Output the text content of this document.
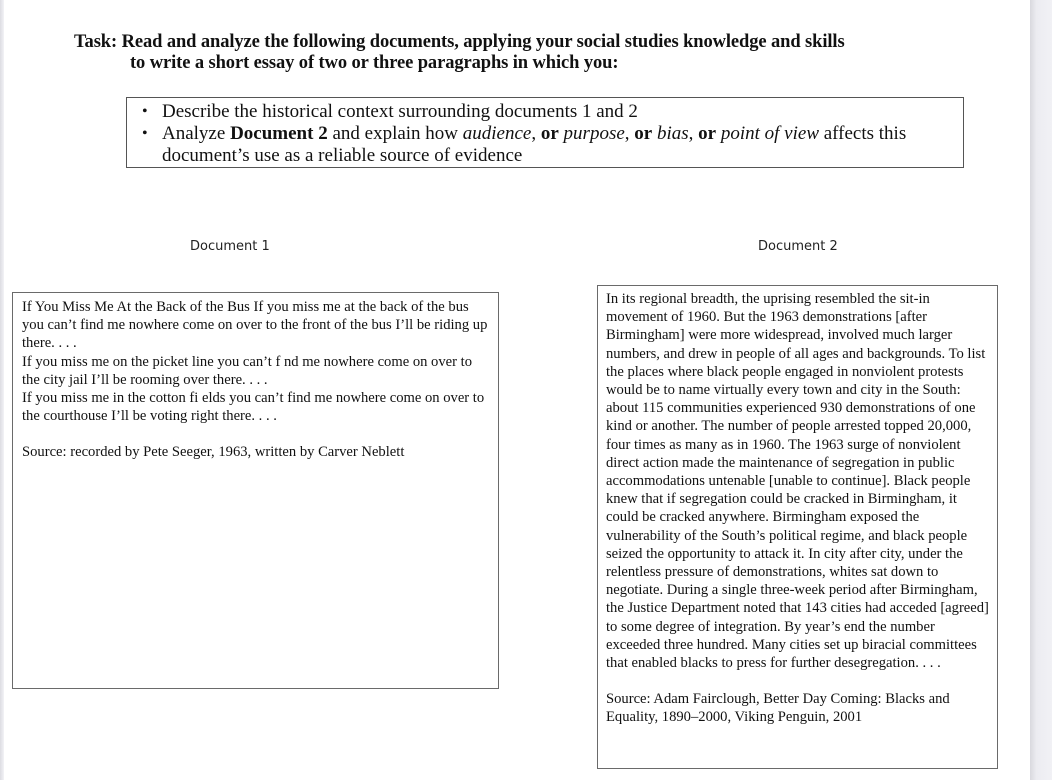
Task: Read and analyze the following documents, applying your social studies knowledge and skills
to write a short essay of two or three paragraphs in which you:
• Describe the historical context surrounding documents 1 and 2
• Analyze Document 2 and explain how audience, or purpose, or bias, or point of view affects this document’s use as a reliable source of evidence
Document 1	Document 2

If You Miss Me At the Back of the Bus If you miss me at the back of the bus you can’t find me nowhere come on over to the front of the bus I’ll be riding up there. . . .

If you miss me on the picket line you can’t f nd me nowhere come on over to the city jail I’ll be rooming over there. . . .

If you miss me in the cotton fi elds you can’t find me nowhere come on over to the courthouse I’ll be voting right there. . . .

Source: recorded by Pete Seeger, 1963, written by Carver Neblett

In its regional breadth, the uprising resembled the sit-in movement of 1960. But the 1963 demonstrations [after Birmingham] were more widespread, involved much larger numbers, and drew in people of all ages and backgrounds. To list the places where black people engaged in nonviolent protests would be to name virtually every town and city in the South: about 115 communities experienced 930 demonstrations of one kind or another. The number of people arrested topped 20,000, four times as many as in 1960. The 1963 surge of nonviolent direct action made the maintenance of segregation in public accommodations untenable [unable to continue]. Black people knew that if segregation could be cracked in Birmingham, it could be cracked anywhere. Birmingham exposed the vulnerability of the South’s political regime, and black people seized the opportunity to attack it. In city after city, under the relentless pressure of demonstrations, whites sat down to negotiate. During a single three-week period after Birmingham, the Justice Department noted that 143 cities had acceded [agreed] to some degree of integration. By year’s end the number exceeded three hundred. Many cities set up biracial committees that enabled blacks to press for further desegregation. . . .

Source: Adam Fairclough, Better Day Coming: Blacks and Equality, 1890–2000, Viking Penguin, 2001
